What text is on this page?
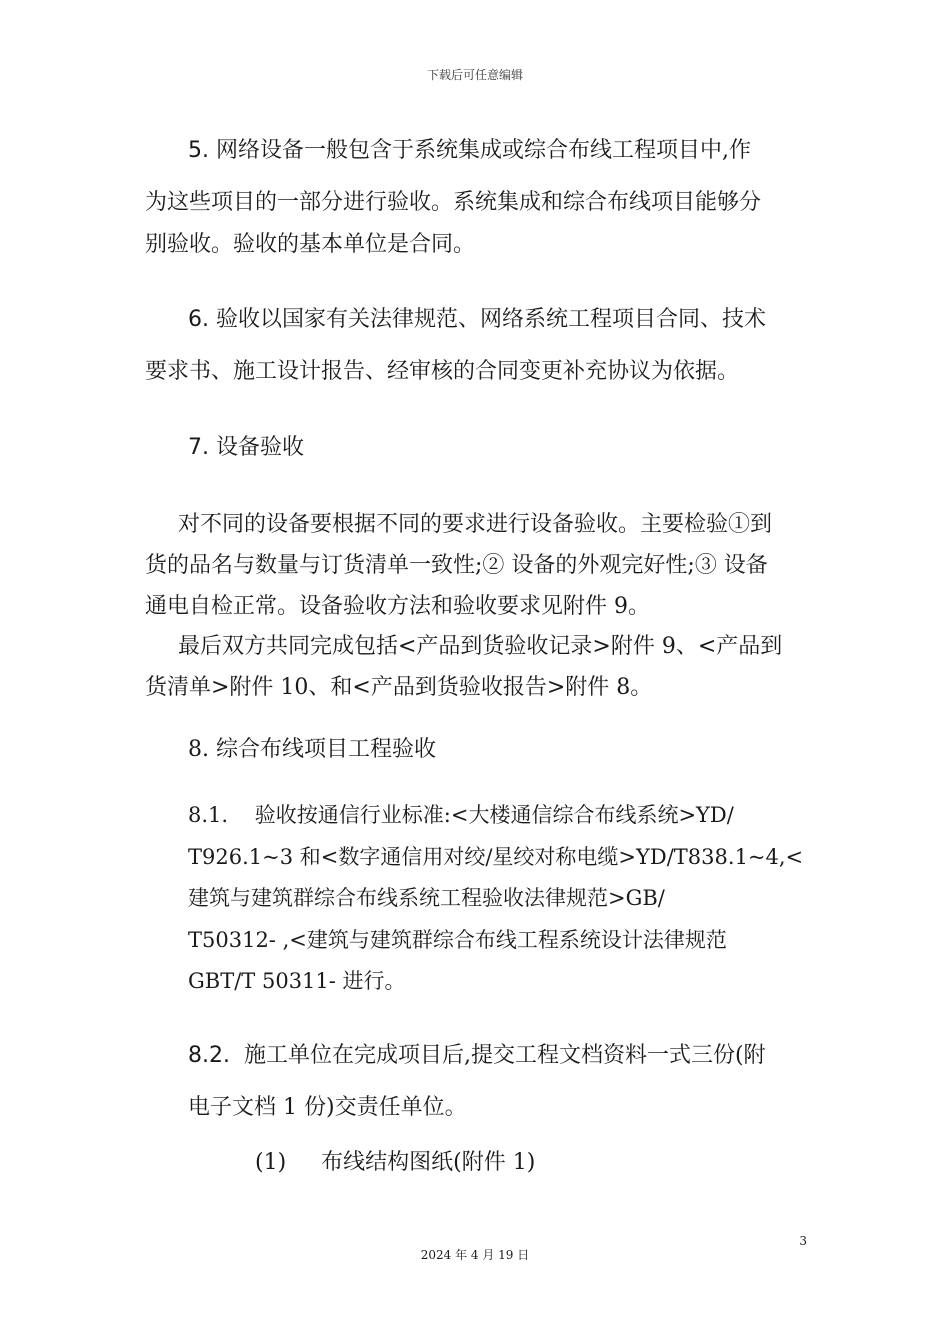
下载后可任意编辑
5. 网络设备一般包含于系统集成或综合布线工程项目中,作
为这些项目的一部分进行验收。系统集成和综合布线项目能够分
别验收。验收的基本单位是合同。
6. 验收以国家有关法律规范、网络系统工程项目合同、技术
要求书、施工设计报告、经审核的合同变更补充协议为依据。
7. 设备验收
对不同的设备要根据不同的要求进行设备验收。主要检验①到
货的品名与数量与订货清单一致性;② 设备的外观完好性;③ 设备
通电自检正常。设备验收方法和验收要求见附件 9。
最后双方共同完成包括<产品到货验收记录>附件 9、<产品到
货清单>附件 10、和<产品到货验收报告>附件 8。
8. 综合布线项目工程验收
8.1. 验收按通信行业标准:<大楼通信综合布线系统>YD/
T926.1~3 和<数字通信用对绞/星绞对称电缆>YD/T838.1~4,<
建筑与建筑群综合布线系统工程验收法律规范>GB/
T50312- ,<建筑与建筑群综合布线工程系统设计法律规范
GBT/T 50311- 进行。
8.2. 施工单位在完成项目后,提交工程文档资料一式三份(附
电子文档 1 份)交责任单位。
(1) 布线结构图纸(附件 1)
3
2024 年 4 月 19 日
